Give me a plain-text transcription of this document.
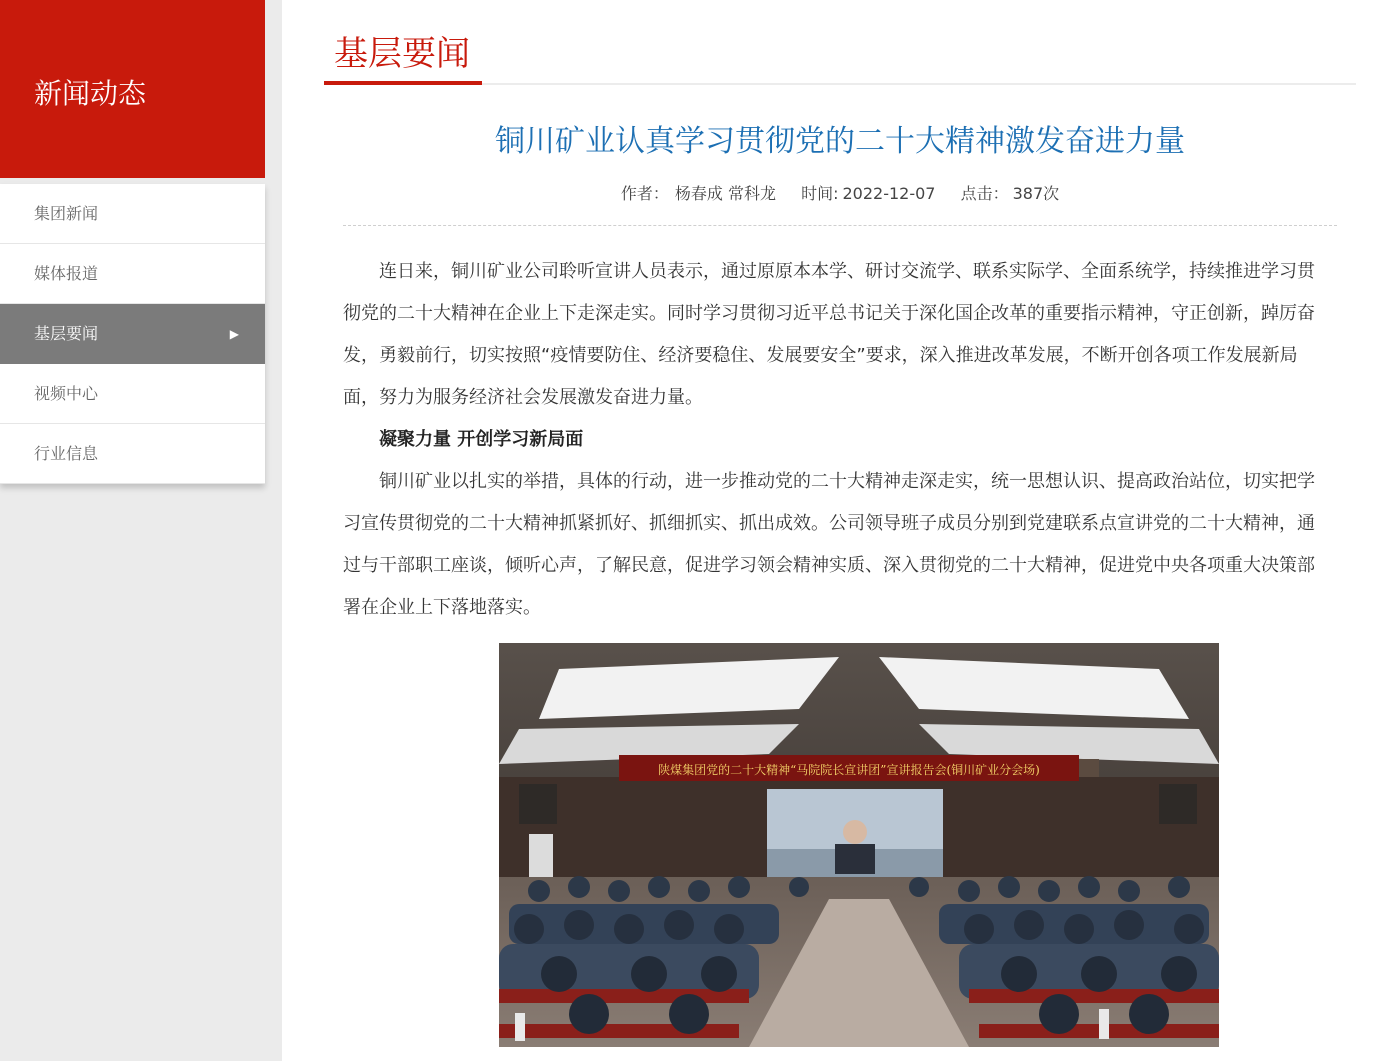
新闻动态
集团新闻
媒体报道
基层要闻	▶
视频中心
行业信息
基层要闻
铜川矿业认真学习贯彻党的二十大精神激发奋进力量
作者： 杨春成 常科龙 时间: 2022-12-07 点击： 387次

连日来，铜川矿业公司聆听宣讲人员表示，通过原原本本学、研讨交流学、联系实际学、全面系统学，持续推进学习贯彻党的二十大精神在企业上下走深走实。同时学习贯彻习近平总书记关于深化国企改革的重要指示精神，守正创新，踔厉奋发，勇毅前行，切实按照“疫情要防住、经济要稳住、发展要安全”要求，深入推进改革发展，不断开创各项工作发展新局面，努力为服务经济社会发展激发奋进力量。

凝聚力量 开创学习新局面

铜川矿业以扎实的举措，具体的行动，进一步推动党的二十大精神走深走实，统一思想认识、提高政治站位，切实把学习宣传贯彻党的二十大精神抓紧抓好、抓细抓实、抓出成效。公司领导班子成员分别到党建联系点宣讲党的二十大精神，通过与干部职工座谈，倾听心声，了解民意，促进学习领会精神实质、深入贯彻党的二十大精神，促进党中央各项重大决策部署在企业上下落地落实。

陕煤集团党的二十大精神“马院院长宣讲团”宣讲报告会(铜川矿业分会场)
